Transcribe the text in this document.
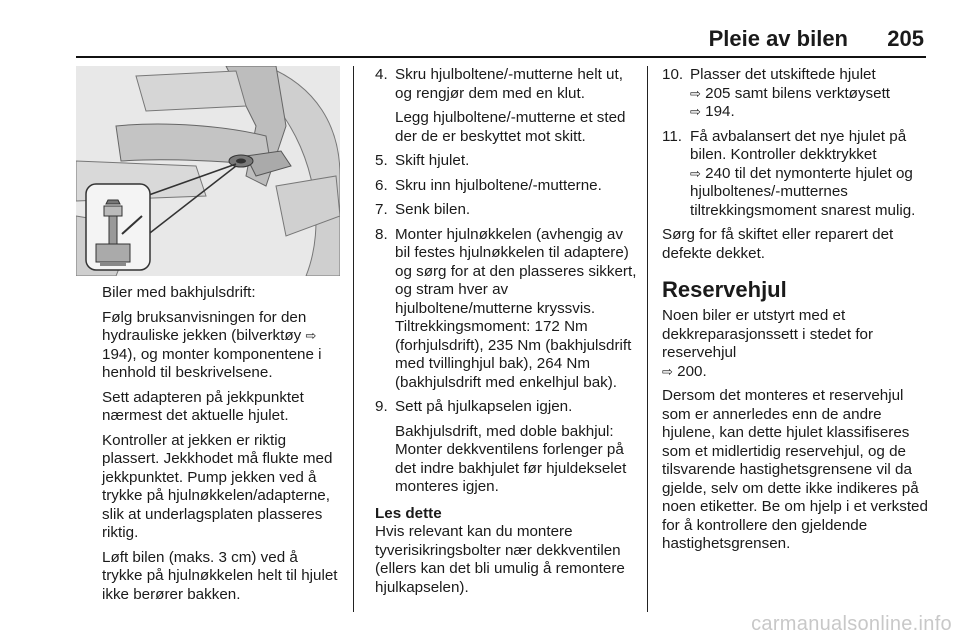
Pleie av bilen 205

Biler med bakhjulsdrift:

Følg bruksanvisningen for den hydrauliske jekken (bilverktøy ⇨ 194), og monter komponentene i henhold til beskrivelsene.

Sett adapteren på jekkpunktet nærmest det aktuelle hjulet.

Kontroller at jekken er riktig plassert. Jekkhodet må flukte med jekkpunktet. Pump jekken ved å trykke på hjulnøkkelen/adapterne, slik at underlagsplaten plasseres riktig.

Løft bilen (maks. 3 cm) ved å trykke på hjulnøkkelen helt til hjulet ikke berører bakken.

4. Skru hjulboltene/-mutterne helt ut, og rengjør dem med en klut.
Legg hjulboltene/-mutterne et sted der de er beskyttet mot skitt.
5. Skift hjulet.
6. Skru inn hjulboltene/-mutterne.
7. Senk bilen.
8. Monter hjulnøkkelen (avhengig av bil festes hjulnøkkelen til adaptere) og sørg for at den plasseres sikkert, og stram hver av hjulboltene/mutterne kryssvis. Tiltrekkingsmoment: 172 Nm (forhjulsdrift), 235 Nm (bakhjulsdrift med tvillinghjul bak), 264 Nm (bakhjulsdrift med enkelhjul bak).
9. Sett på hjulkapselen igjen.
Bakhjulsdrift, med doble bakhjul: Monter dekkventilens forlenger på det indre bakhjulet før hjuldekselet monteres igjen.
Les dette

Hvis relevant kan du montere tyverisikringsbolter nær dekkventilen (ellers kan det bli umulig å remontere hjulkapselen).

10. Plasser det utskiftede hjulet
⇨ 205 samt bilens verktøysett
⇨ 194.
11. Få avbalansert det nye hjulet på bilen. Kontroller dekktrykket
⇨ 240 til det nymonterte hjulet og hjulboltenes/-mutternes tiltrekkingsmoment snarest mulig.

Sørg for få skiftet eller reparert det defekte dekket.

Reservehjul

Noen biler er utstyrt med et dekkreparasjonssett i stedet for reservehjul
⇨ 200.

Dersom det monteres et reservehjul som er annerledes enn de andre hjulene, kan dette hjulet klassifiseres som et midlertidig reservehjul, og de tilsvarende hastighetsgrensene vil da gjelde, selv om dette ikke indikeres på noen etiketter. Be om hjelp i et verksted for å kontrollere den gjeldende hastighetsgrensen.

carmanualsonline.info
